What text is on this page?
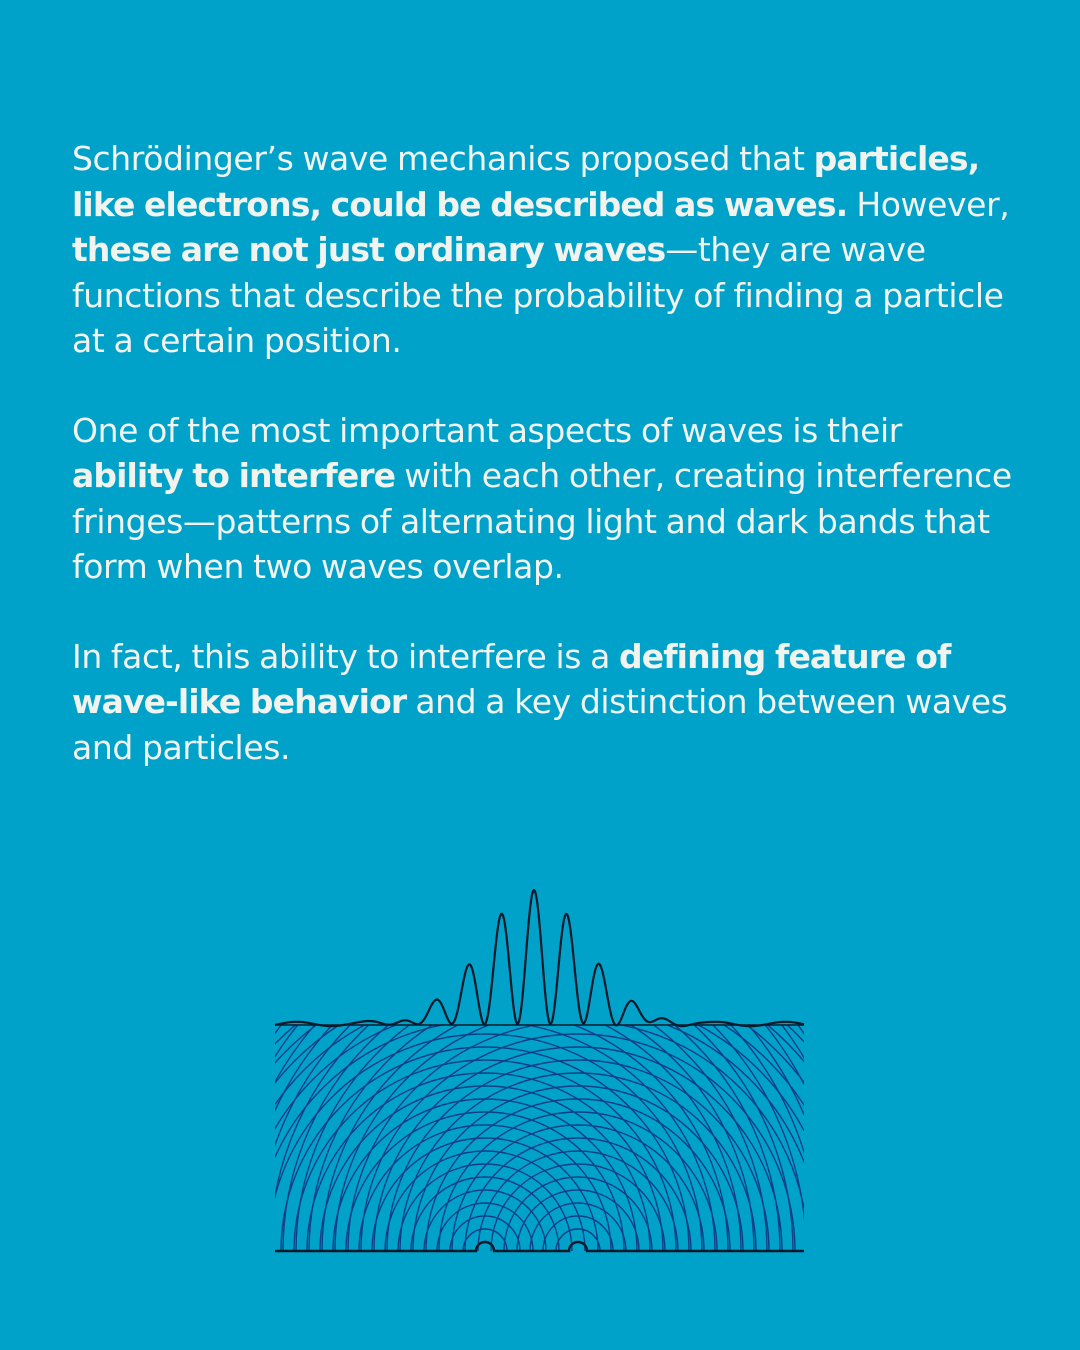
Schrödinger’s wave mechanics proposed that particles, like electrons, could be described as waves. However, these are not just ordinary waves—they are wave functions that describe the probability of finding a particle at a certain position.

One of the most important aspects of waves is their ability to interfere with each other, creating interference fringes—patterns of alternating light and dark bands that form when two waves overlap.

In fact, this ability to interfere is a defining feature of wave-like behavior and a key distinction between waves and particles.
